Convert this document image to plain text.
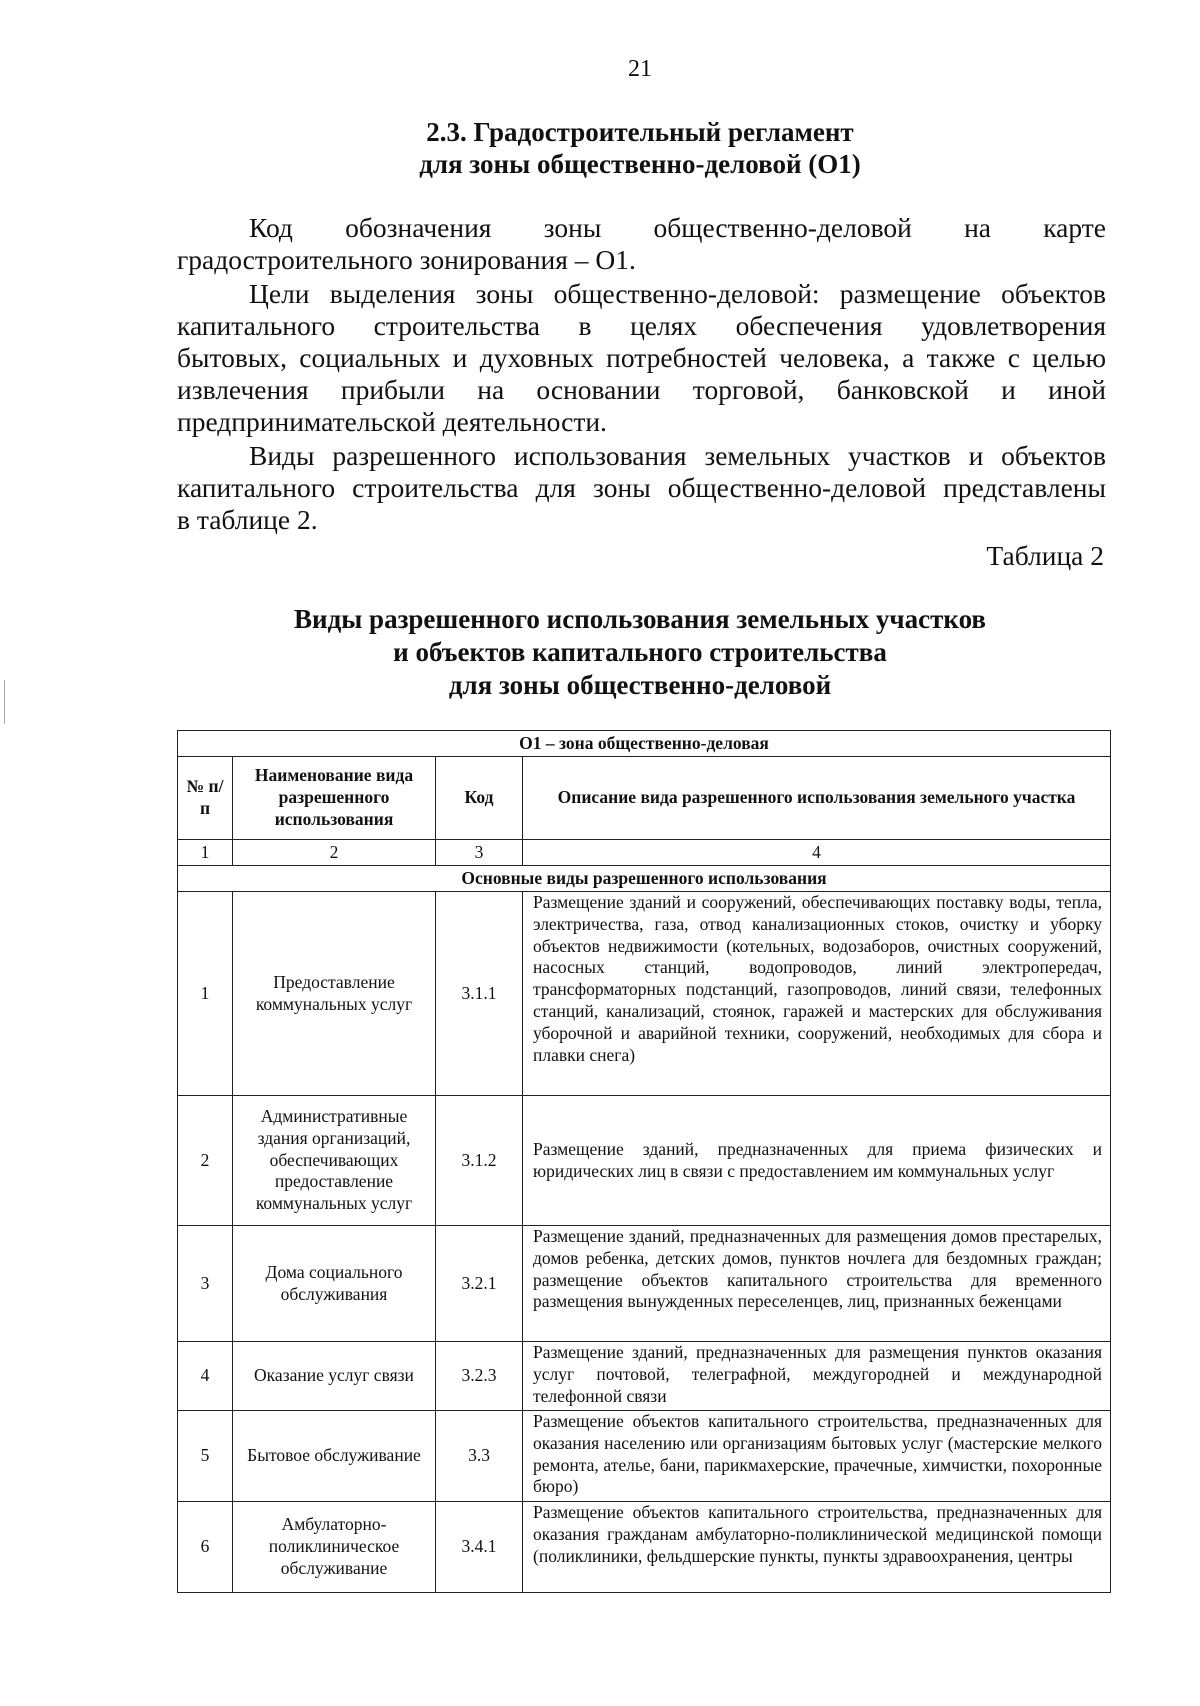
21
2.3. Градостроительный регламент
для зоны общественно-деловой (О1)

Код обозначения зоны общественно-деловой на карте

градостроительного зонирования – О1.

Цели выделения зоны общественно-деловой: размещение объектов

капитального строительства в целях обеспечения удовлетворения

бытовых, социальных и духовных потребностей человека, а также с целью

извлечения прибыли на основании торговой, банковской и иной

предпринимательской деятельности.

Виды разрешенного использования земельных участков и объектов

капитального строительства для зоны общественно-деловой представлены

в таблице 2.

Таблица 2
Виды разрешенного использования земельных участков
и объектов капитального строительства
для зоны общественно-деловой
О1 – зона общественно-деловая			
№ п/п	Наименование вида разрешенного использования	Код	Описание вида разрешенного использования земельного участка
1	2	3	4
Основные виды разрешенного использования			
1	Предоставление коммунальных услуг	3.1.1	Размещение зданий и сооружений, обеспечивающих поставку воды, тепла, электричества, газа, отвод канализационных стоков, очистку и уборку объектов недвижимости (котельных, водозаборов, очистных сооружений, насосных станций, водопроводов, линий электропередач, трансформаторных подстанций, газопроводов, линий связи, телефонных станций, канализаций, стоянок, гаражей и мастерских для обслуживания уборочной и аварийной техники, сооружений, необходимых для сбора и плавки снега)
2	Административные здания организаций, обеспечивающих предоставление коммунальных услуг	3.1.2	Размещение зданий, предназначенных для приема физических и юридических лиц в связи с предоставлением им коммунальных услуг
3	Дома социального обслуживания	3.2.1	Размещение зданий, предназначенных для размещения домов престарелых, домов ребенка, детских домов, пунктов ночлега для бездомных граждан; размещение объектов капитального строительства для временного размещения вынужденных переселенцев, лиц, признанных беженцами
4	Оказание услуг связи	3.2.3	Размещение зданий, предназначенных для размещения пунктов оказания услуг почтовой, телеграфной, междугородней и международной телефонной связи
5	Бытовое обслуживание	3.3	Размещение объектов капитального строительства, предназначенных для оказания населению или организациям бытовых услуг (мастерские мелкого ремонта, ателье, бани, парикмахерские, прачечные, химчистки, похоронные бюро)
6	Амбулаторно-поликлиническое обслуживание	3.4.1	Размещение объектов капитального строительства, предназначенных для оказания гражданам амбулаторно-поликлинической медицинской помощи (поликлиники, фельдшерские пункты, пункты здравоохранения, центры
